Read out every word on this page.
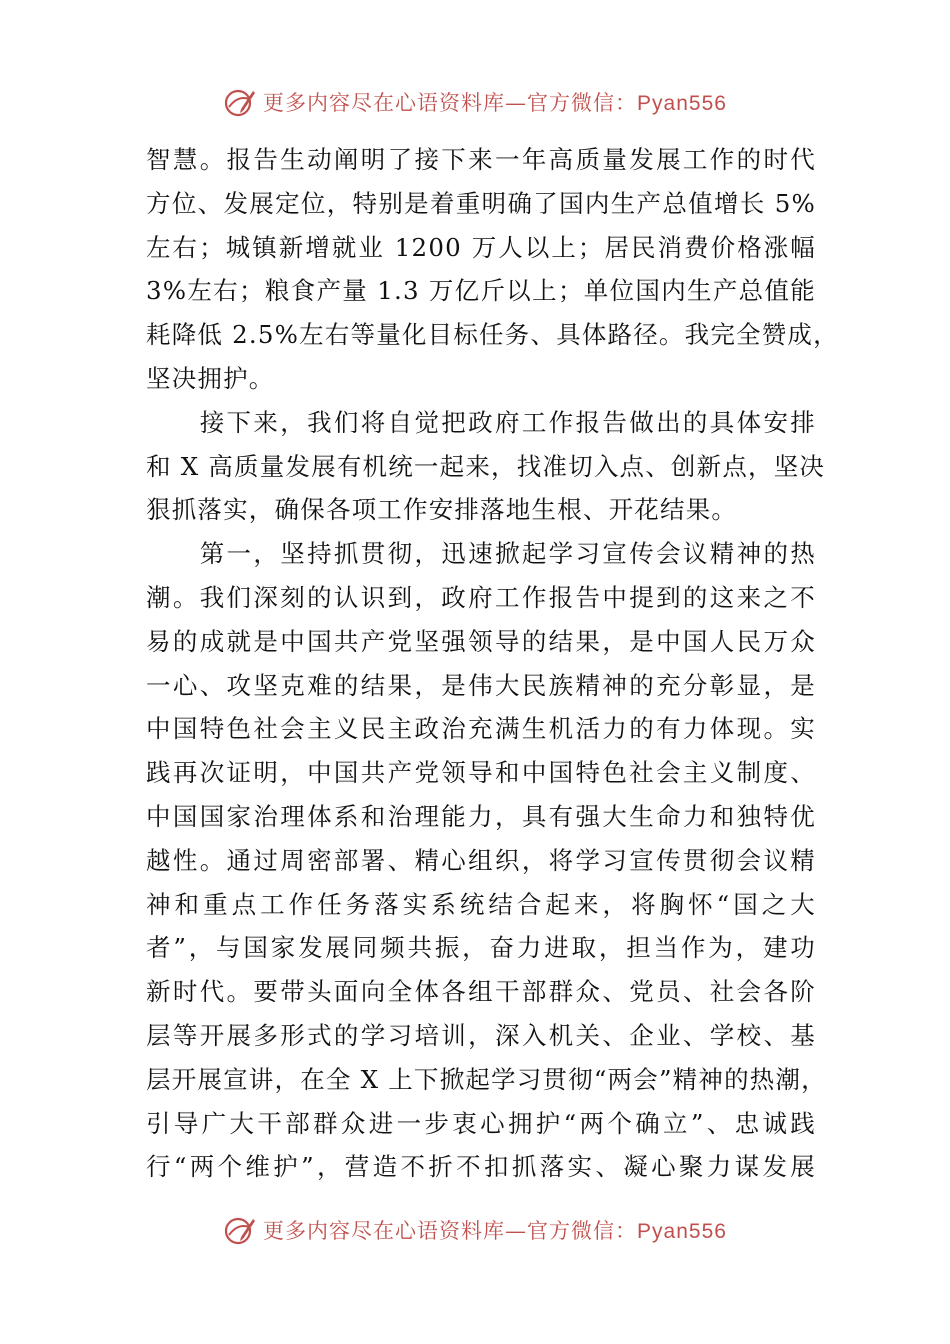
更多内容尽在心语资料库—官方微信：Pyan556
智慧。报告生动阐明了接下来一年高质量发展工作的时代
方位、发展定位，特别是着重明确了国内生产总值增长 5%
左右；城镇新增就业 1200 万人以上；居民消费价格涨幅
3%左右；粮食产量 1.3 万亿斤以上；单位国内生产总值能
耗降低 2.5%左右等量化目标任务、具体路径。我完全赞成，
坚决拥护。
　　接下来，我们将自觉把政府工作报告做出的具体安排
和 X 高质量发展有机统一起来，找准切入点、创新点，坚决
狠抓落实，确保各项工作安排落地生根、开花结果。
　　第一，坚持抓贯彻，迅速掀起学习宣传会议精神的热
潮。我们深刻的认识到，政府工作报告中提到的这来之不
易的成就是中国共产党坚强领导的结果，是中国人民万众
一心、攻坚克难的结果，是伟大民族精神的充分彰显，是
中国特色社会主义民主政治充满生机活力的有力体现。实
践再次证明，中国共产党领导和中国特色社会主义制度、
中国国家治理体系和治理能力，具有强大生命力和独特优
越性。通过周密部署、精心组织，将学习宣传贯彻会议精
神和重点工作任务落实系统结合起来，将胸怀“国之大
者”，与国家发展同频共振，奋力进取，担当作为，建功
新时代。要带头面向全体各组干部群众、党员、社会各阶
层等开展多形式的学习培训，深入机关、企业、学校、基
层开展宣讲，在全 X 上下掀起学习贯彻“两会”精神的热潮，
引导广大干部群众进一步衷心拥护“两个确立”、忠诚践
行“两个维护”，营造不折不扣抓落实、凝心聚力谋发展
更多内容尽在心语资料库—官方微信：Pyan556
